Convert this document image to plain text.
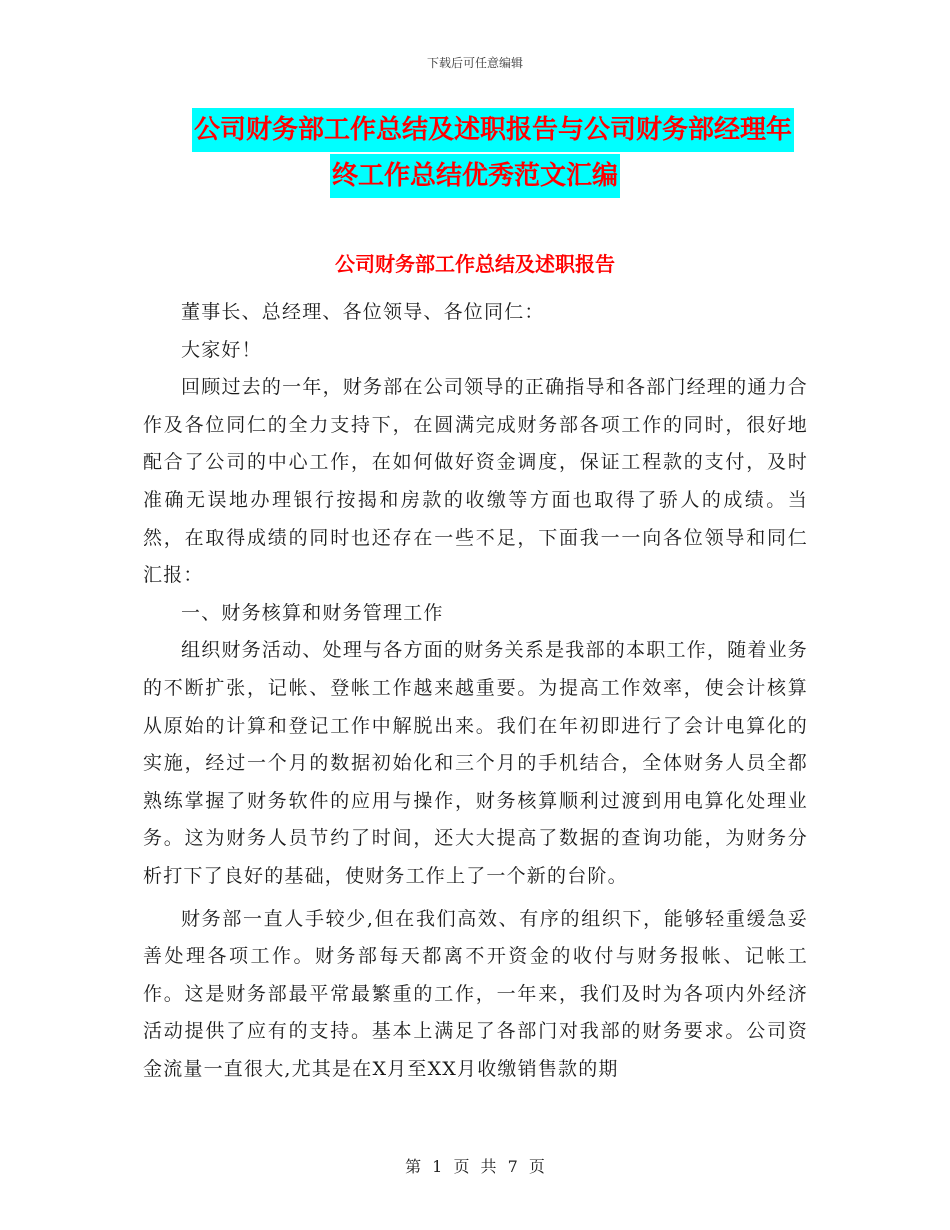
下载后可任意编辑
公司财务部工作总结及述职报告与公司财务部经理年
终工作总结优秀范文汇编
公司财务部工作总结及述职报告

董事长、总经理、各位领导、各位同仁：

大家好！

回顾过去的一年，财务部在公司领导的正确指导和各部门经理的通力合作及各位同仁的全力支持下，在圆满完成财务部各项工作的同时，很好地配合了公司的中心工作，在如何做好资金调度，保证工程款的支付，及时准确无误地办理银行按揭和房款的收缴等方面也取得了骄人的成绩。当然，在取得成绩的同时也还存在一些不足，下面我一一向各位领导和同仁汇报：

一、财务核算和财务管理工作

组织财务活动、处理与各方面的财务关系是我部的本职工作，随着业务的不断扩张，记帐、登帐工作越来越重要。为提高工作效率，使会计核算从原始的计算和登记工作中解脱出来。我们在年初即进行了会计电算化的实施，经过一个月的数据初始化和三个月的手机结合，全体财务人员全都熟练掌握了财务软件的应用与操作，财务核算顺利过渡到用电算化处理业务。这为财务人员节约了时间，还大大提高了数据的查询功能，为财务分析打下了良好的基础，使财务工作上了一个新的台阶。

财务部一直人手较少,但在我们高效、有序的组织下，能够轻重缓急妥善处理各项工作。财务部每天都离不开资金的收付与财务报帐、记帐工作。这是财务部最平常最繁重的工作，一年来，我们及时为各项内外经济活动提供了应有的支持。基本上满足了各部门对我部的财务要求。公司资金流量一直很大,尤其是在X月至XX月收缴销售款的期

第 1 页 共 7 页
